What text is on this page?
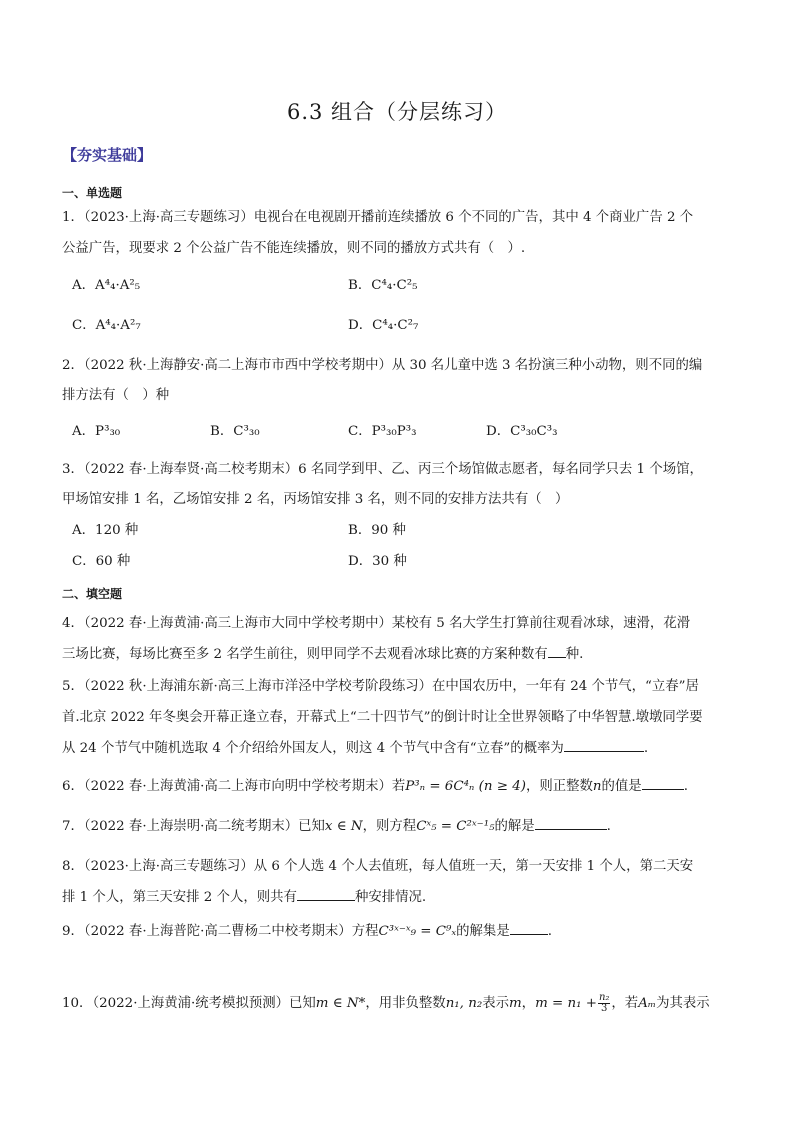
6.3 组合（分层练习）
【夯实基础】
一、单选题
1．（2023·上海·高三专题练习）电视台在电视剧开播前连续播放 6 个不同的广告，其中 4 个商业广告 2 个
公益广告，现要求 2 个公益广告不能连续播放，则不同的播放方式共有（　）.
A．A⁴₄·A²₅	B．C⁴₄·C²₅
C．A⁴₄·A²₇	D．C⁴₄·C²₇
2．（2022 秋·上海静安·高二上海市市西中学校考期中）从 30 名儿童中选 3 名扮演三种小动物，则不同的编
排方法有（　）种
A．P³₃₀	B．C³₃₀	C．P³₃₀P³₃	D．C³₃₀C³₃
3．（2022 春·上海奉贤·高二校考期末）6 名同学到甲、乙、丙三个场馆做志愿者，每名同学只去 1 个场馆，
甲场馆安排 1 名，乙场馆安排 2 名，丙场馆安排 3 名，则不同的安排方法共有（　）
A．120 种	B．90 种
C．60 种	D．30 种
二、填空题
4．（2022 春·上海黄浦·高三上海市大同中学校考期中）某校有 5 名大学生打算前往观看冰球，速滑，花滑
三场比赛，每场比赛至多 2 名学生前往，则甲同学不去观看冰球比赛的方案种数有 种.
5．（2022 秋·上海浦东新·高三上海市洋泾中学校考阶段练习）在中国农历中，一年有 24 个节气，“立春”居
首.北京 2022 年冬奥会开幕正逢立春，开幕式上“二十四节气”的倒计时让全世界领略了中华智慧.墩墩同学要
从 24 个节气中随机选取 4 个介绍给外国友人，则这 4 个节气中含有“立春”的概率为	.
6．（2022 春·上海黄浦·高二上海市向明中学校考期末）若P³ₙ = 6C⁴ₙ (n ≥ 4)，则正整数n的值是	.
7．（2022 春·上海崇明·高二统考期末）已知x ∈ N，则方程Cˣ₅ = C²ˣ⁻¹₅的解是	.
8．（2023·上海·高三专题练习）从 6 个人选 4 个人去值班，每人值班一天，第一天安排 1 个人，第二天安
排 1 个人，第三天安排 2 个人，则共有	种安排情况.
9．（2022 春·上海普陀·高二曹杨二中校考期末）方程C³ˣ⁻ˣ₉ = C⁹ₓ的解集是	.
10．（2022·上海黄浦·统考模拟预测）已知m ∈ N*，用非负整数n₁, n₂表示m，$m = n_1 + \frac{\text{n₂}}{3}$ ，若Aₘ为其表示
